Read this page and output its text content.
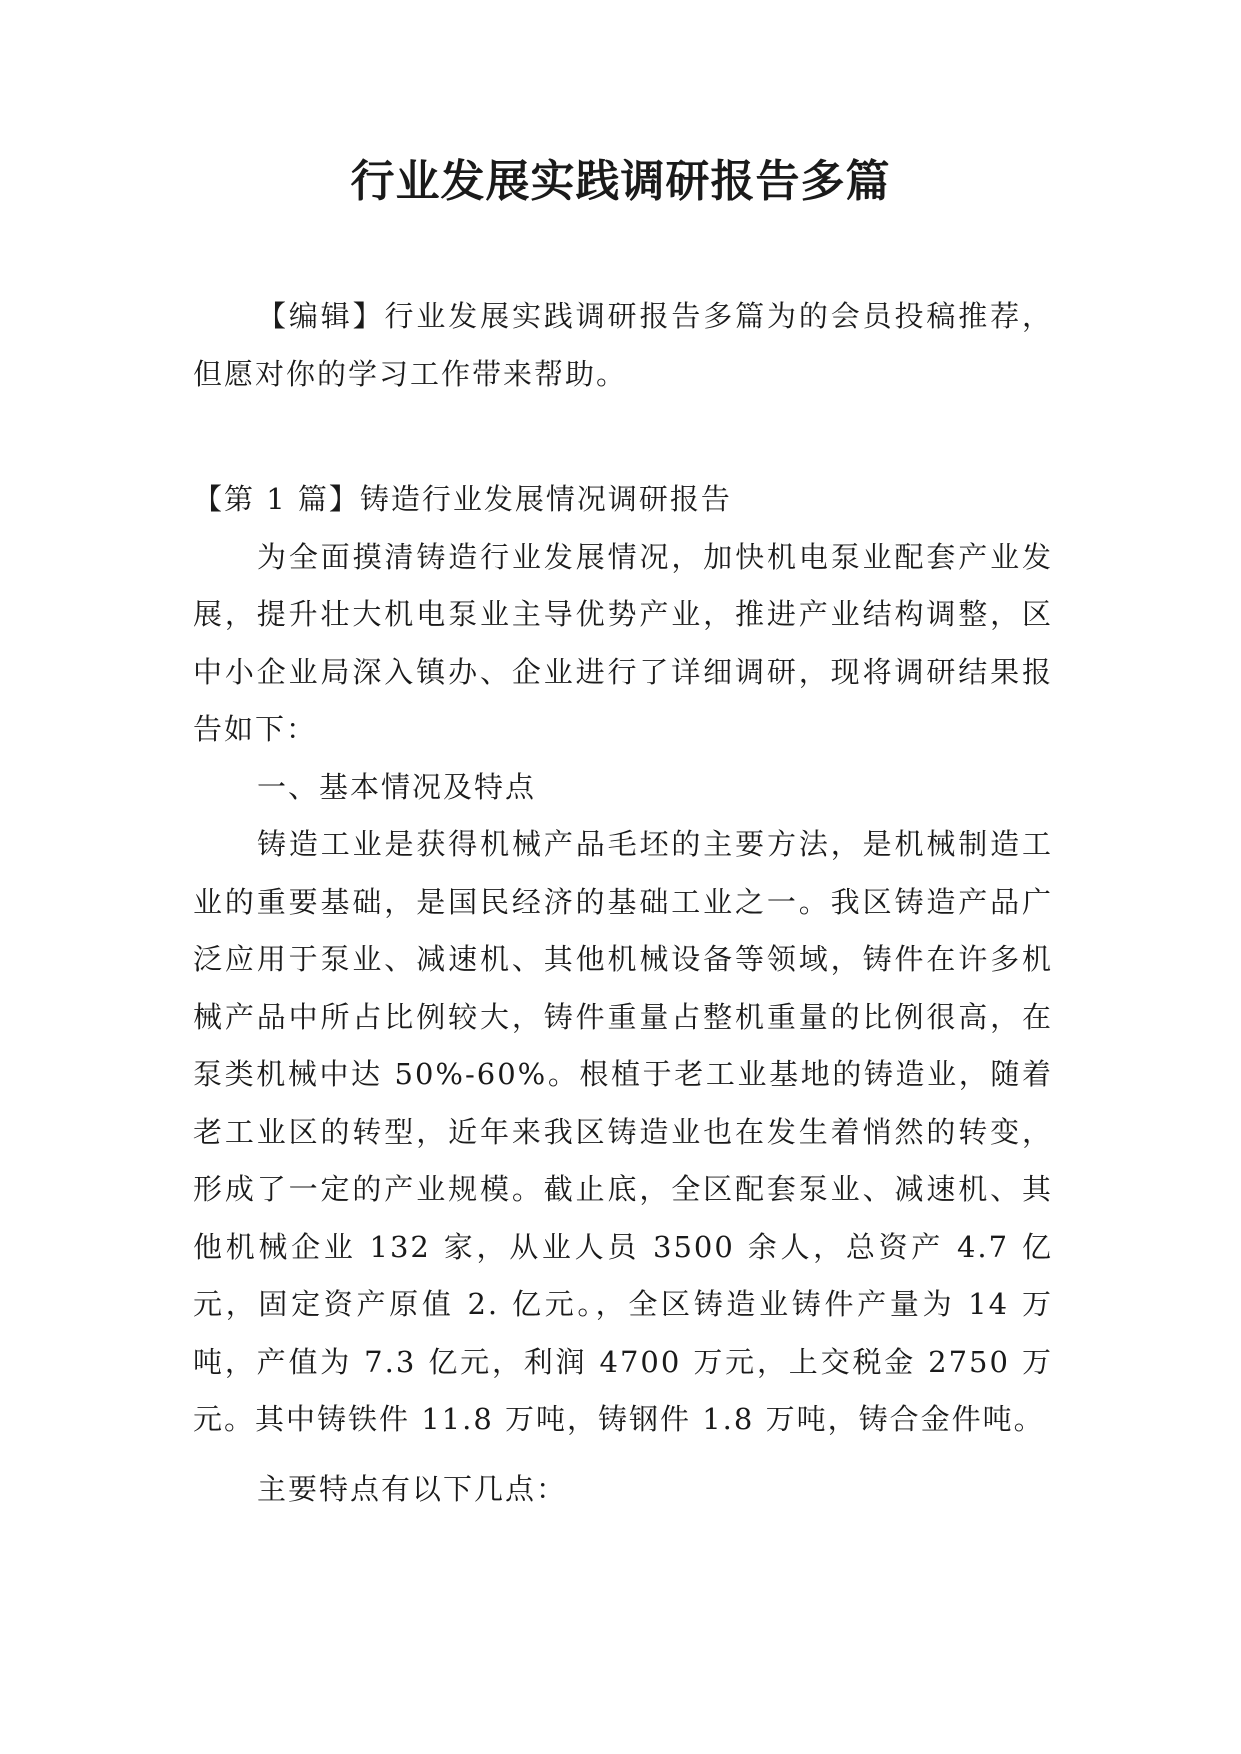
行业发展实践调研报告多篇

【编辑】行业发展实践调研报告多篇为的会员投稿推荐，但愿对你的学习工作带来帮助。

【第 1 篇】铸造行业发展情况调研报告

为全面摸清铸造行业发展情况，加快机电泵业配套产业发展，提升壮大机电泵业主导优势产业，推进产业结构调整，区中小企业局深入镇办、企业进行了详细调研，现将调研结果报告如下：

一、基本情况及特点

铸造工业是获得机械产品毛坯的主要方法，是机械制造工业的重要基础，是国民经济的基础工业之一。我区铸造产品广泛应用于泵业、减速机、其他机械设备等领域，铸件在许多机械产品中所占比例较大，铸件重量占整机重量的比例很高，在泵类机械中达 50%-60%。根植于老工业基地的铸造业，随着老工业区的转型，近年来我区铸造业也在发生着悄然的转变，形成了一定的产业规模。截止底，全区配套泵业、减速机、其他机械企业 132 家，从业人员 3500 余人，总资产 4.7 亿元，固定资产原值 2. 亿元。，全区铸造业铸件产量为 14 万吨，产值为 7.3 亿元，利润 4700 万元，上交税金 2750 万元。其中铸铁件 11.8 万吨，铸钢件 1.8 万吨，铸合金件吨。

主要特点有以下几点：
